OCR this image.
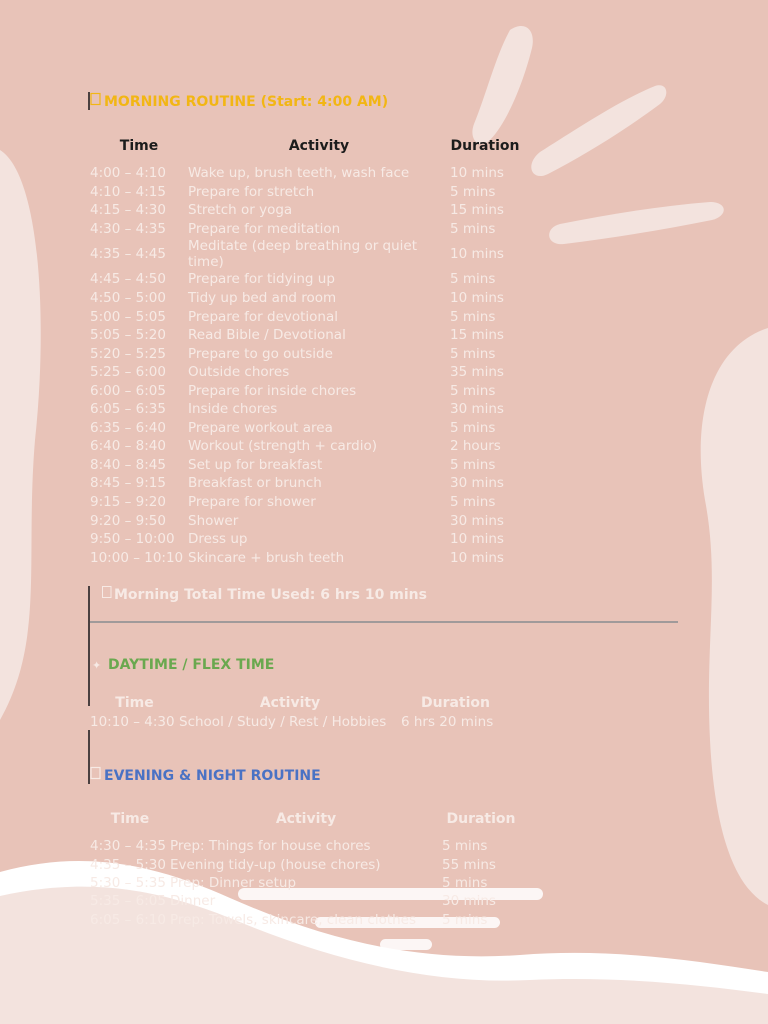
MORNING ROUTINE (Start: 4:00 AM)
Time	Activity	Duration
4:00 – 4:10	Wake up, brush teeth, wash face	10 mins
4:10 – 4:15	Prepare for stretch	5 mins
4:15 – 4:30	Stretch or yoga	15 mins
4:30 – 4:35	Prepare for meditation	5 mins
4:35 – 4:45	Meditate (deep breathing or quiet time)	10 mins
4:45 – 4:50	Prepare for tidying up	5 mins
4:50 – 5:00	Tidy up bed and room	10 mins
5:00 – 5:05	Prepare for devotional	5 mins
5:05 – 5:20	Read Bible / Devotional	15 mins
5:20 – 5:25	Prepare to go outside	5 mins
5:25 – 6:00	Outside chores	35 mins
6:00 – 6:05	Prepare for inside chores	5 mins
6:05 – 6:35	Inside chores	30 mins
6:35 – 6:40	Prepare workout area	5 mins
6:40 – 8:40	Workout (strength + cardio)	2 hours
8:40 – 8:45	Set up for breakfast	5 mins
8:45 – 9:15	Breakfast or brunch	30 mins
9:15 – 9:20	Prepare for shower	5 mins
9:20 – 9:50	Shower	30 mins
9:50 – 10:00	Dress up	10 mins
10:00 – 10:10	Skincare + brush teeth	10 mins
Morning Total Time Used: 6 hrs 10 mins
✦ DAYTIME / FLEX TIME
Time	Activity	Duration
10:10 – 4:30	School / Study / Rest / Hobbies	6 hrs 20 mins
EVENING & NIGHT ROUTINE
Time	Activity	Duration
4:30 – 4:35	Prep: Things for house chores	5 mins
4:35 – 5:30	Evening tidy-up (house chores)	55 mins
5:30 – 5:35	Prep: Dinner setup	5 mins
5:35 – 6:05	Dinner	30 mins
6:05 – 6:10	Prep: Towels, skincare, clean clothes	5 mins
